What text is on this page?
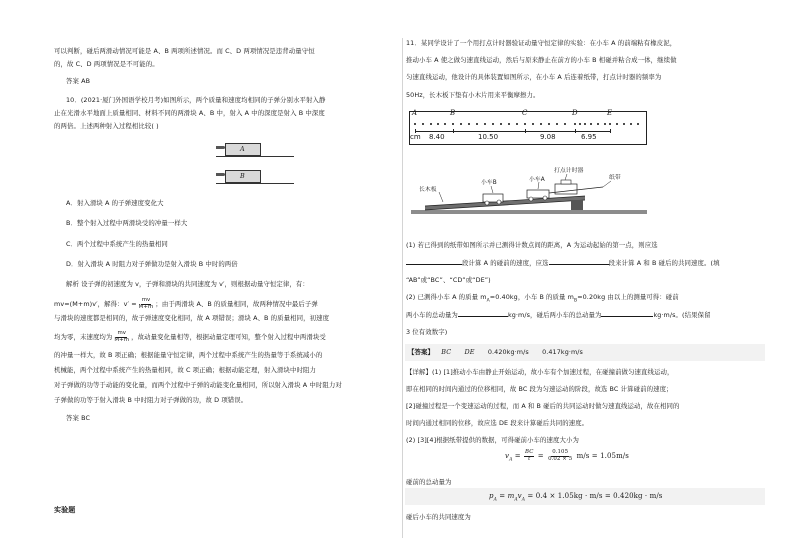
可以判断，碰后两滑动情况可能是 A、B 两项所述情况。而 C、D 两项情况是违背动量守恒
的，故 C、D 两项情况是不可能的。
答案 AB
10．(2021·厦门外国语学校月考)如图所示，两个质量和速度均相同的子弹分别水平射入静
止在光滑水平地面上质量相同、材料不同的两滑块 A、B 中，射入 A 中的深度是射入 B 中深度
的两倍。上述两种射入过程相比较( )
A
B
A．射入滑块 A 的子弹速度变化大
B．整个射入过程中两滑块受的冲量一样大
C．两个过程中系统产生的热量相同
D．射入滑块 A 时阻力对子弹做功是射入滑块 B 中时的两倍
解析 设子弹的初速度为 v，子弹和滑块的共同速度为 v′，则根据动量守恒定律，有：
mv=(M+m)v′，解得：$v' = \frac{mv}{M+m}$ ；由于两滑块 A、B 的质量相同，故两种情况中最后子弹
与滑块的速度都是相同的，故子弹速度变化相同，故 A 项错误；滑块 A、B 的质量相同，初速度
均为零，末速度均为 $\frac{mv}{M+m}$ ，故动量变化量相等，根据动量定理可知，整个射入过程中两滑块受
的冲量一样大，故 B 项正确；根据能量守恒定律，两个过程中系统产生的热量等于系统减小的
机械能，两个过程中系统产生的热量相同，故 C 项正确；根据动能定理，射入滑块中时阻力
对子弹做的功等于动能的变化量，而两个过程中子弹的动能变化量相同，所以射入滑块 A 中时阻力对
子弹做的功等于射入滑块 B 中时阻力对子弹做的功，故 D 项错误。
答案 BC
实验题
11．某同学设计了一个用打点计时器验证动量守恒定律的实验：在小车 A 的前端粘有橡皮泥，
推动小车 A 使之做匀速直线运动，然后与原来静止在前方的小车 B 相碰并粘合成一体，继续做
匀速直线运动，他设计的具体装置如图所示，在小车 A 后连着纸带，打点计时器的频率为
50Hz，长木板下垫有小木片用来平衡摩擦力。
A	B	C	D	E
cm 8.40	10.50	9.08	6.95
长木板
小车B	小车A
打点计时器
纸带
(1) 若已得到的纸带如图所示并已测得计数点间的距离，A 为运动起始的第一点，则应选
段计算 A 的碰前的速度，应选	段来计算 A 和 B 碰后的共同速度。(填
“AB”或“BC”、“CD”或“DE”)
(2) 已测得小车 A 的质量 $m_A=0.40kg$，小车 B 的质量 $m_B=0.20kg$ 由以上的测量可得：碰前
两小车的总动量为	kg·m/s，碰后两小车的总动量为	kg·m/s。(结果保留
3 位有效数字)
【答案】 BC DE 0.420kg·m/s 0.417kg·m/s
【详解】(1) [1]推动小车由静止开始运动，故小车有个加速过程，在碰撞前做匀速直线运动，
即在相同的时间内通过的位移相同，故 BC 段为匀速运动的阶段，故选 BC 计算碰前的速度；
[2]碰撞过程是一个变速运动的过程，而 A 和 B 碰后的共同运动时做匀速直线运动，故在相同的
时间内通过相同的位移，故应选 DE 段来计算碰后共同的速度。
(2) [3][4]根据纸带提供的数据，可得碰前小车的速度大小为
$v_A = \frac{BC}{t} = \frac{0.105}{0.02 \times 5} m/s = 1.05m/s$
碰前的总动量为
$p_A = m_Av_A = 0.4 \times 1.05kg \cdot m/s = 0.420kg \cdot m/s$
碰后小车的共同速度为
